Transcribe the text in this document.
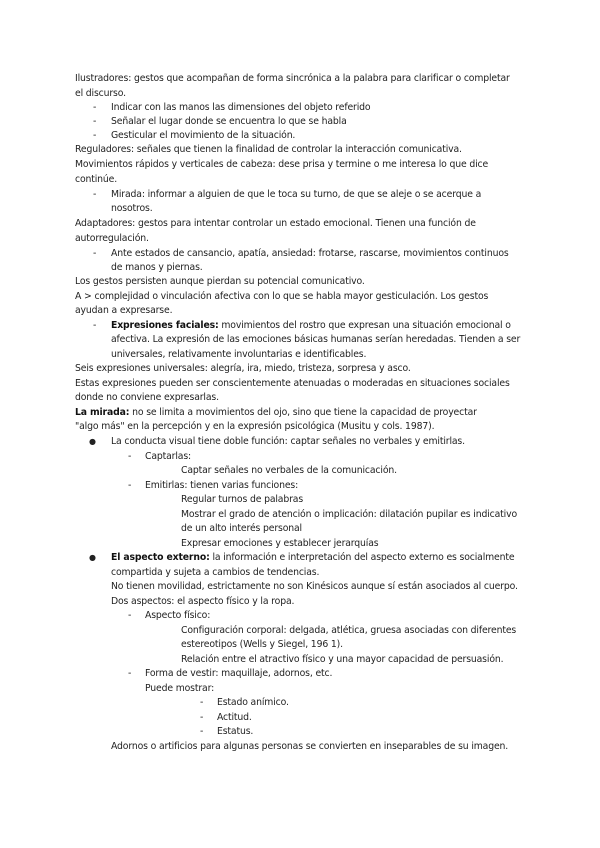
Ilustradores: gestos que acompañan de forma sincrónica a la palabra para clarificar o completar
el discurso.
- Indicar con las manos las dimensiones del objeto referido
- Señalar el lugar donde se encuentra lo que se habla
- Gesticular el movimiento de la situación.
Reguladores: señales que tienen la finalidad de controlar la interacción comunicativa.
Movimientos rápidos y verticales de cabeza: dese prisa y termine o me interesa lo que dice
continúe.
- Mirada: informar a alguien de que le toca su turno, de que se aleje o se acerque a
nosotros.
Adaptadores: gestos para intentar controlar un estado emocional. Tienen una función de
autorregulación.
- Ante estados de cansancio, apatía, ansiedad: frotarse, rascarse, movimientos continuos
de manos y piernas.
Los gestos persisten aunque pierdan su potencial comunicativo.
A > complejidad o vinculación afectiva con lo que se habla mayor gesticulación. Los gestos
ayudan a expresarse.
- Expresiones faciales: movimientos del rostro que expresan una situación emocional o
afectiva. La expresión de las emociones básicas humanas serían heredadas. Tienden a ser
universales, relativamente involuntarias e identificables.
Seis expresiones universales: alegría, ira, miedo, tristeza, sorpresa y asco.
Estas expresiones pueden ser conscientemente atenuadas o moderadas en situaciones sociales
donde no conviene expresarlas.
La mirada: no se limita a movimientos del ojo, sino que tiene la capacidad de proyectar
"algo más" en la percepción y en la expresión psicológica (Musitu y cols. 1987).
● La conducta visual tiene doble función: captar señales no verbales y emitirlas.
- Captarlas:
Captar señales no verbales de la comunicación.
- Emitirlas: tienen varias funciones:
Regular turnos de palabras
Mostrar el grado de atención o implicación: dilatación pupilar es indicativo
de un alto interés personal
Expresar emociones y establecer jerarquías
● El aspecto externo: la información e interpretación del aspecto externo es socialmente
compartida y sujeta a cambios de tendencias.
No tienen movilidad, estrictamente no son Kinésicos aunque sí están asociados al cuerpo.
Dos aspectos: el aspecto físico y la ropa.
- Aspecto físico:
Configuración corporal: delgada, atlética, gruesa asociadas con diferentes
estereotipos (Wells y Siegel, 196 1).
Relación entre el atractivo físico y una mayor capacidad de persuasión.
- Forma de vestir: maquillaje, adornos, etc.
Puede mostrar:
- Estado anímico.
- Actitud.
- Estatus.
Adornos o artificios para algunas personas se convierten en inseparables de su imagen.
